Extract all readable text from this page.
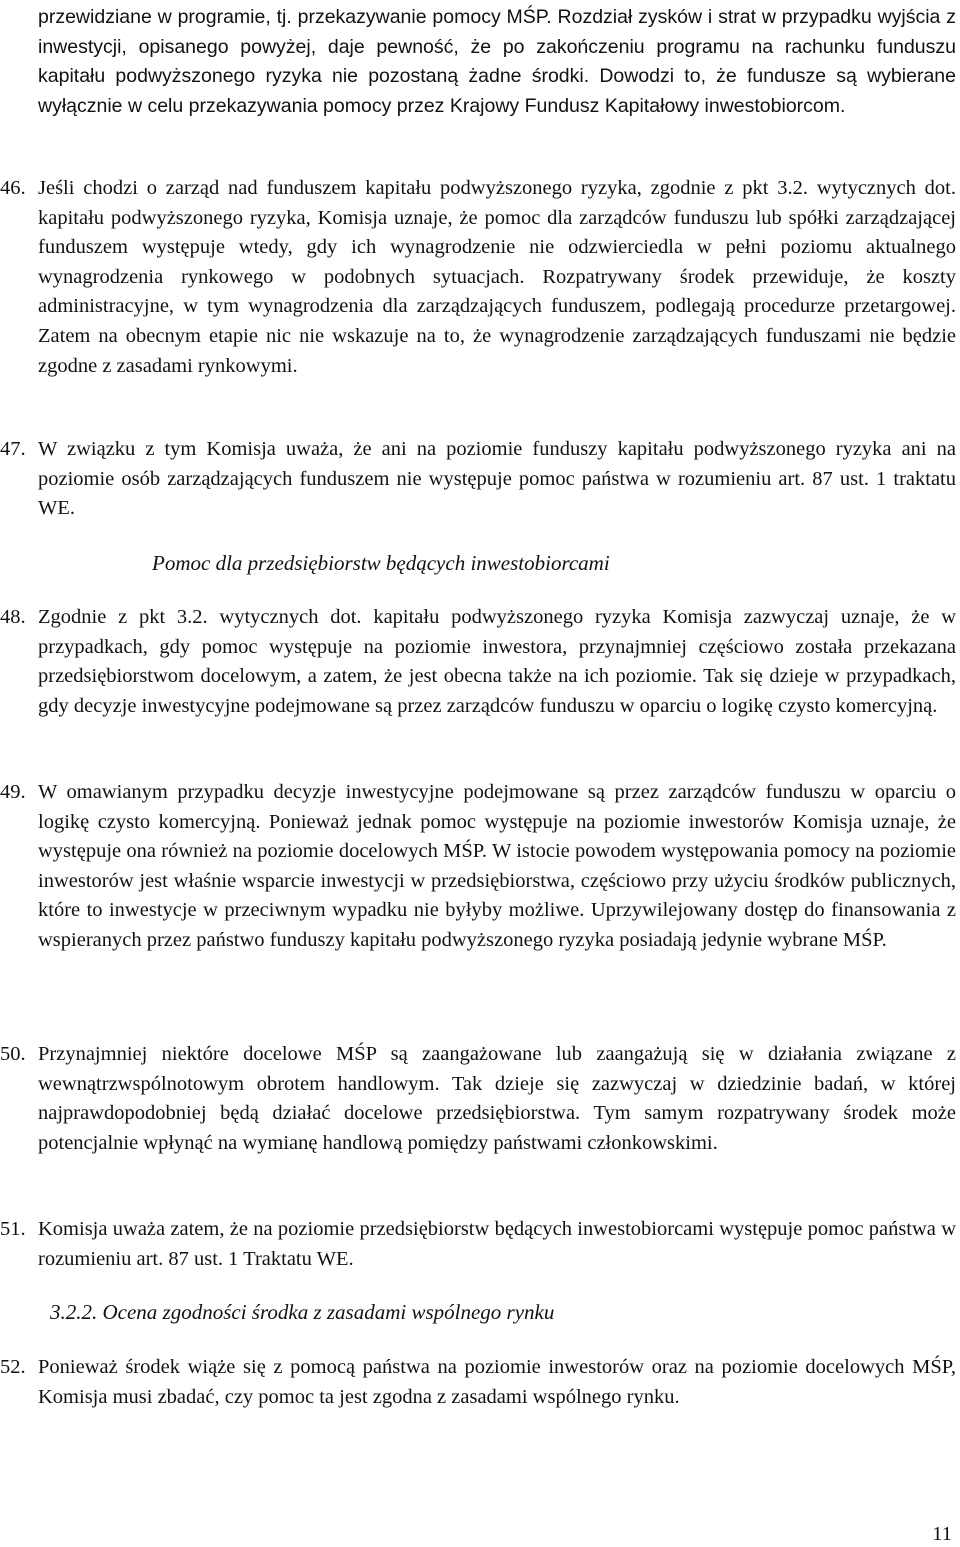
przewidziane w programie, tj. przekazywanie pomocy MŚP. Rozdział zysków i strat w przypadku wyjścia z inwestycji, opisanego powyżej, daje pewność, że po zakończeniu programu na rachunku funduszu kapitału podwyższonego ryzyka nie pozostaną żadne środki. Dowodzi to, że fundusze są wybierane wyłącznie w celu przekazywania pomocy przez Krajowy Fundusz Kapitałowy inwestobiorcom.

46. Jeśli chodzi o zarząd nad funduszem kapitału podwyższonego ryzyka, zgodnie z pkt 3.2. wytycznych dot. kapitału podwyższonego ryzyka, Komisja uznaje, że pomoc dla zarządców funduszu lub spółki zarządzającej funduszem występuje wtedy, gdy ich wynagrodzenie nie odzwierciedla w pełni poziomu aktualnego wynagrodzenia rynkowego w podobnych sytuacjach. Rozpatrywany środek przewiduje, że koszty administracyjne, w tym wynagrodzenia dla zarządzających funduszem, podlegają procedurze przetargowej. Zatem na obecnym etapie nic nie wskazuje na to, że wynagrodzenie zarządzających funduszami nie będzie zgodne z zasadami rynkowymi.

47. W związku z tym Komisja uważa, że ani na poziomie funduszy kapitału podwyższonego ryzyka ani na poziomie osób zarządzających funduszem nie występuje pomoc państwa w rozumieniu art. 87 ust. 1 traktatu WE.

Pomoc dla przedsiębiorstw będących inwestobiorcami

48. Zgodnie z pkt 3.2. wytycznych dot. kapitału podwyższonego ryzyka Komisja zazwyczaj uznaje, że w przypadkach, gdy pomoc występuje na poziomie inwestora, przynajmniej częściowo została przekazana przedsiębiorstwom docelowym, a zatem, że jest obecna także na ich poziomie. Tak się dzieje w przypadkach, gdy decyzje inwestycyjne podejmowane są przez zarządców funduszu w oparciu o logikę czysto komercyjną.

49. W omawianym przypadku decyzje inwestycyjne podejmowane są przez zarządców funduszu w oparciu o logikę czysto komercyjną. Ponieważ jednak pomoc występuje na poziomie inwestorów Komisja uznaje, że występuje ona również na poziomie docelowych MŚP. W istocie powodem występowania pomocy na poziomie inwestorów jest właśnie wsparcie inwestycji w przedsiębiorstwa, częściowo przy użyciu środków publicznych, które to inwestycje w przeciwnym wypadku nie byłyby możliwe. Uprzywilejowany dostęp do finansowania z wspieranych przez państwo funduszy kapitału podwyższonego ryzyka posiadają jedynie wybrane MŚP.

50. Przynajmniej niektóre docelowe MŚP są zaangażowane lub zaangażują się w działania związane z wewnątrzwspólnotowym obrotem handlowym. Tak dzieje się zazwyczaj w dziedzinie badań, w której najprawdopodobniej będą działać docelowe przedsiębiorstwa. Tym samym rozpatrywany środek może potencjalnie wpłynąć na wymianę handlową pomiędzy państwami członkowskimi.

51. Komisja uważa zatem, że na poziomie przedsiębiorstw będących inwestobiorcami występuje pomoc państwa w rozumieniu art. 87 ust. 1 Traktatu WE.

3.2.2. Ocena zgodności środka z zasadami wspólnego rynku

52. Ponieważ środek wiąże się z pomocą państwa na poziomie inwestorów oraz na poziomie docelowych MŚP, Komisja musi zbadać, czy pomoc ta jest zgodna z zasadami wspólnego rynku.

11
